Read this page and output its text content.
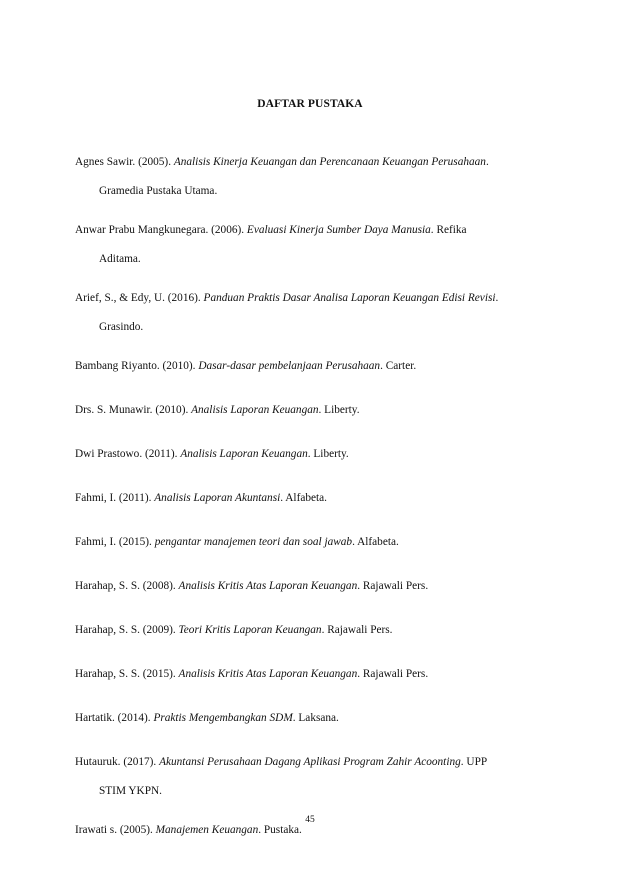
DAFTAR PUSTAKA
Agnes Sawir. (2005). Analisis Kinerja Keuangan dan Perencanaan Keuangan Perusahaan.
Gramedia Pustaka Utama.
Anwar Prabu Mangkunegara. (2006). Evaluasi Kinerja Sumber Daya Manusia. Refika
Aditama.
Arief, S., & Edy, U. (2016). Panduan Praktis Dasar Analisa Laporan Keuangan Edisi Revisi.
Grasindo.
Bambang Riyanto. (2010). Dasar-dasar pembelanjaan Perusahaan. Carter.
Drs. S. Munawir. (2010). Analisis Laporan Keuangan. Liberty.
Dwi Prastowo. (2011). Analisis Laporan Keuangan. Liberty.
Fahmi, I. (2011). Analisis Laporan Akuntansi. Alfabeta.
Fahmi, I. (2015). pengantar manajemen teori dan soal jawab. Alfabeta.
Harahap, S. S. (2008). Analisis Kritis Atas Laporan Keuangan. Rajawali Pers.
Harahap, S. S. (2009). Teori Kritis Laporan Keuangan. Rajawali Pers.
Harahap, S. S. (2015). Analisis Kritis Atas Laporan Keuangan. Rajawali Pers.
Hartatik. (2014). Praktis Mengembangkan SDM. Laksana.
Hutauruk. (2017). Akuntansi Perusahaan Dagang Aplikasi Program Zahir Acoonting. UPP
STIM YKPN.
Irawati s. (2005). Manajemen Keuangan. Pustaka.
45
